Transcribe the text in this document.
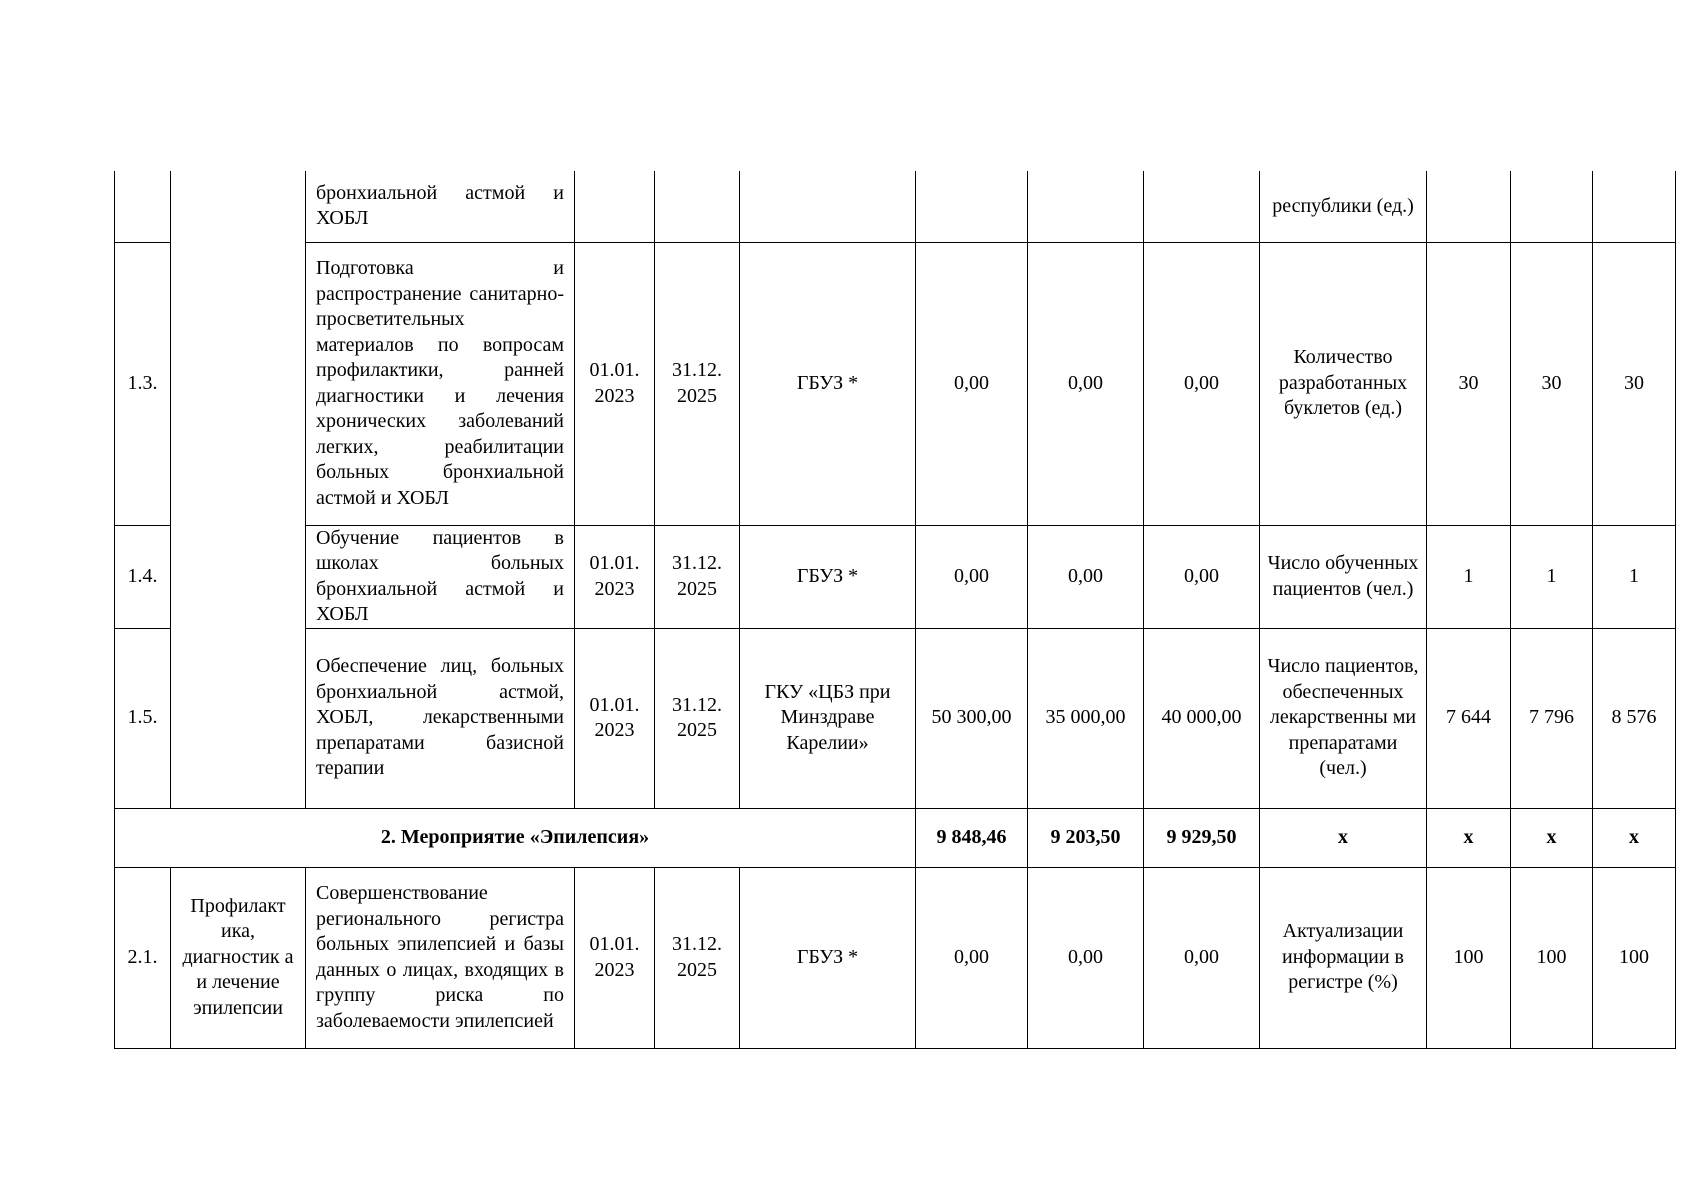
		бронхиальной астмой и ХОБЛ							республики (ед.)			
1.3.		Подготовка и распространение санитарно-просветительных материалов по вопросам профилактики, ранней диагностики и лечения хронических заболеваний легких, реабилитации больных бронхиальной астмой и ХОБЛ	01.01. 2023	31.12. 2025	ГБУЗ *	0,00	0,00	0,00	Количество разработанных буклетов (ед.)	30	30	30
1.4.		Обучение пациентов в школах больных бронхиальной астмой и ХОБЛ	01.01. 2023	31.12. 2025	ГБУЗ *	0,00	0,00	0,00	Число обученных пациентов (чел.)	1	1	1
1.5.		Обеспечение лиц, больных бронхиальной астмой, ХОБЛ, лекарственными препаратами базисной терапии	01.01. 2023	31.12. 2025	ГКУ «ЦБЗ при Минздраве Карелии»	50 300,00	35 000,00	40 000,00	Число пациентов, обеспеченных лекарственны ми препаратами (чел.)	7 644	7 796	8 576
2. Мероприятие «Эпилепсия»						9 848,46	9 203,50	9 929,50	х	х	х	х
2.1.	Профилакт ика, диагностик а и лечение эпилепсии	Совершенствование регионального регистра больных эпилепсией и базы данных о лицах, входящих в группу риска по заболеваемости эпилепсией	01.01. 2023	31.12. 2025	ГБУЗ *	0,00	0,00	0,00	Актуализации информации в регистре (%)	100	100	100
